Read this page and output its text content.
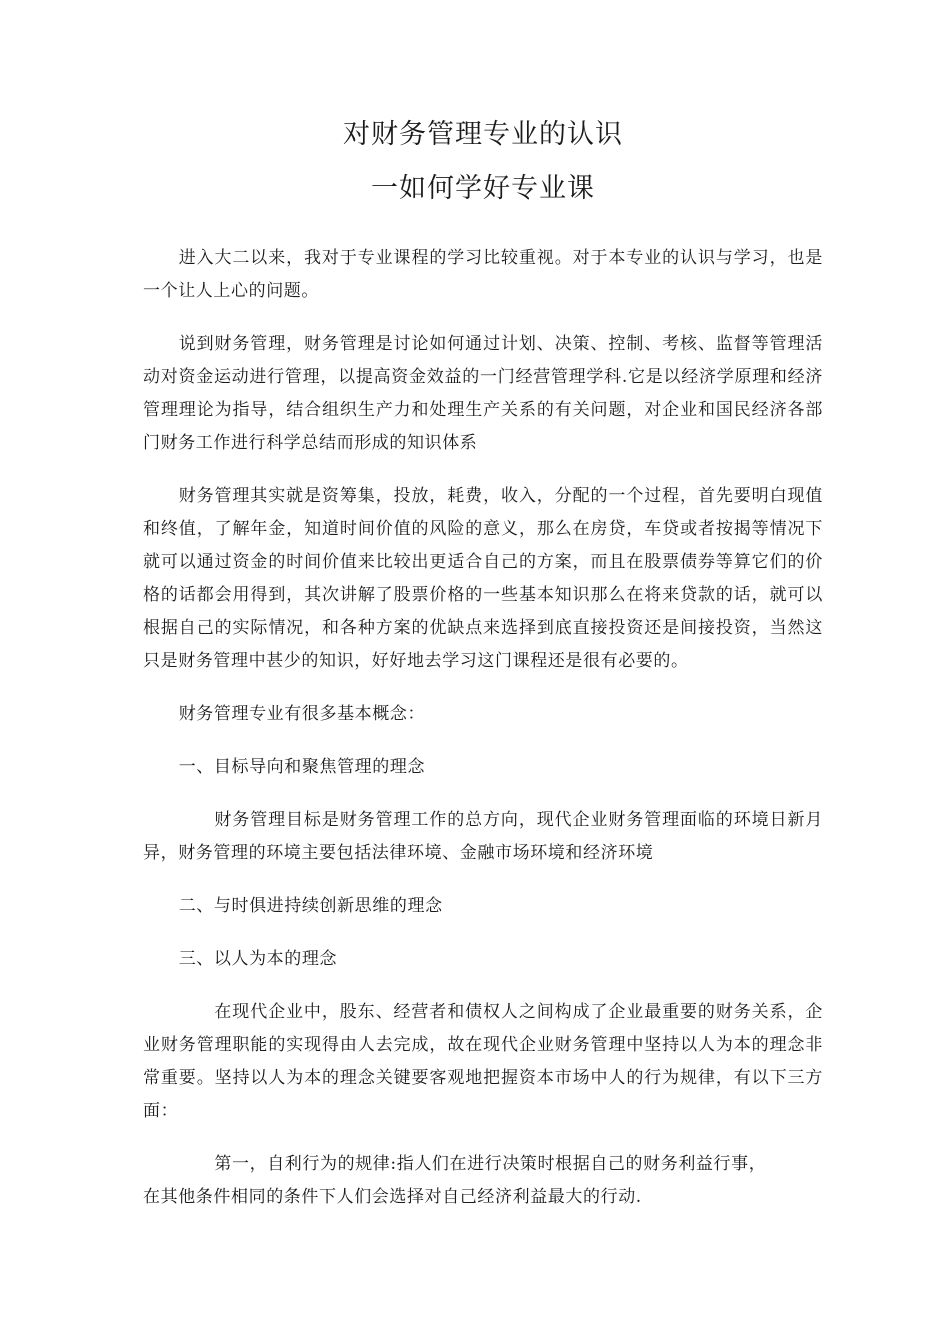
对财务管理专业的认识
一如何学好专业课

进入大二以来，我对于专业课程的学习比较重视。对于本专业的认识与学习，也是一个让人上心的问题。

说到财务管理，财务管理是讨论如何通过计划、决策、控制、考核、监督等管理活动对资金运动进行管理，以提高资金效益的一门经营管理学科.它是以经济学原理和经济管理理论为指导，结合组织生产力和处理生产关系的有关问题，对企业和国民经济各部门财务工作进行科学总结而形成的知识体系

财务管理其实就是资筹集，投放，耗费，收入，分配的一个过程，首先要明白现值和终值，了解年金，知道时间价值的风险的意义，那么在房贷，车贷或者按揭等情况下就可以通过资金的时间价值来比较出更适合自己的方案，而且在股票债券等算它们的价格的话都会用得到，其次讲解了股票价格的一些基本知识那么在将来贷款的话，就可以根据自己的实际情况，和各种方案的优缺点来选择到底直接投资还是间接投资，当然这只是财务管理中甚少的知识，好好地去学习这门课程还是很有必要的。

财务管理专业有很多基本概念：

一、目标导向和聚焦管理的理念

财务管理目标是财务管理工作的总方向，现代企业财务管理面临的环境日新月异，财务管理的环境主要包括法律环境、金融市场环境和经济环境

二、与时俱进持续创新思维的理念

三、以人为本的理念

在现代企业中，股东、经营者和债权人之间构成了企业最重要的财务关系，企业财务管理职能的实现得由人去完成，故在现代企业财务管理中坚持以人为本的理念非常重要。坚持以人为本的理念关键要客观地把握资本市场中人的行为规律，有以下三方面：

第一，自利行为的规律:指人们在进行决策时根据自己的财务利益行事，
在其他条件相同的条件下人们会选择对自己经济利益最大的行动.
